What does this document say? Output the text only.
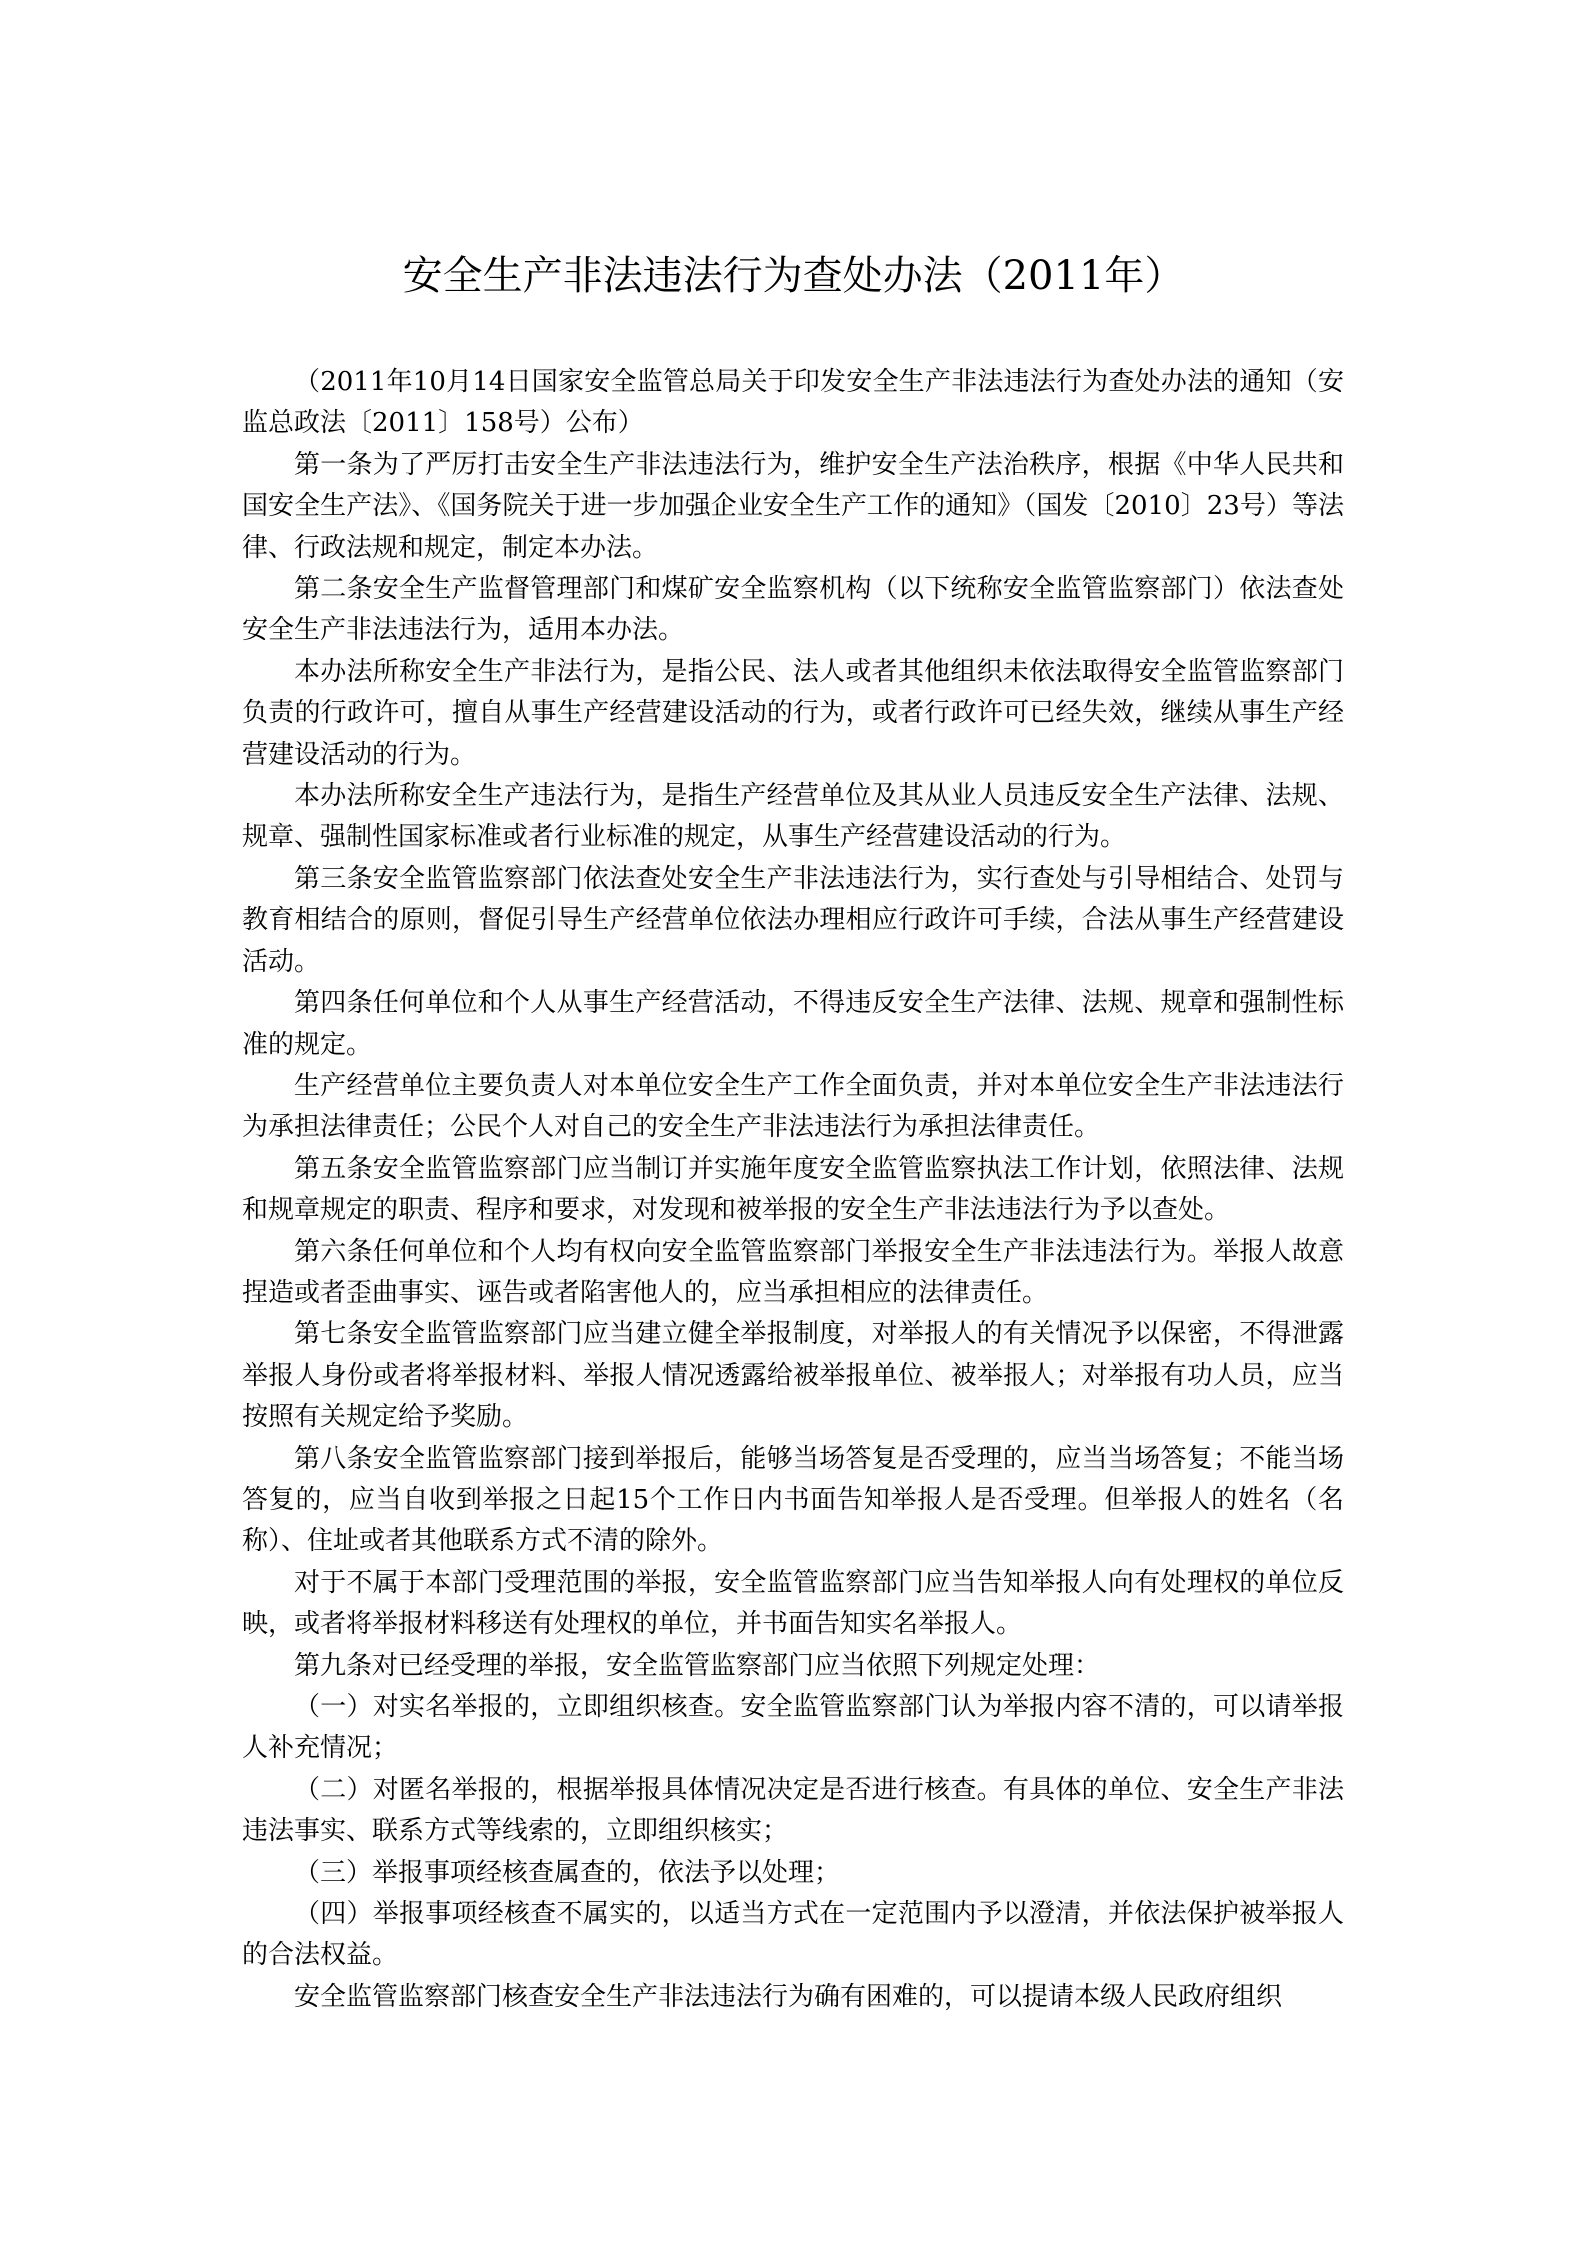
安全生产非法违法行为查处办法（2011年）

（2011年10月14日国家安全监管总局关于印发安全生产非法违法行为查处办法的通知（安监总政法〔2011〕158号）公布）

第一条为了严厉打击安全生产非法违法行为，维护安全生产法治秩序，根据《中华人民共和国安全生产法》、《国务院关于进一步加强企业安全生产工作的通知》（国发〔2010〕23号）等法律、行政法规和规定，制定本办法。

第二条安全生产监督管理部门和煤矿安全监察机构（以下统称安全监管监察部门）依法查处安全生产非法违法行为，适用本办法。

本办法所称安全生产非法行为，是指公民、法人或者其他组织未依法取得安全监管监察部门负责的行政许可，擅自从事生产经营建设活动的行为，或者行政许可已经失效，继续从事生产经营建设活动的行为。

本办法所称安全生产违法行为，是指生产经营单位及其从业人员违反安全生产法律、法规、规章、强制性国家标准或者行业标准的规定，从事生产经营建设活动的行为。

第三条安全监管监察部门依法查处安全生产非法违法行为，实行查处与引导相结合、处罚与教育相结合的原则，督促引导生产经营单位依法办理相应行政许可手续，合法从事生产经营建设活动。

第四条任何单位和个人从事生产经营活动，不得违反安全生产法律、法规、规章和强制性标准的规定。

生产经营单位主要负责人对本单位安全生产工作全面负责，并对本单位安全生产非法违法行为承担法律责任；公民个人对自己的安全生产非法违法行为承担法律责任。

第五条安全监管监察部门应当制订并实施年度安全监管监察执法工作计划，依照法律、法规和规章规定的职责、程序和要求，对发现和被举报的安全生产非法违法行为予以查处。

第六条任何单位和个人均有权向安全监管监察部门举报安全生产非法违法行为。举报人故意捏造或者歪曲事实、诬告或者陷害他人的，应当承担相应的法律责任。

第七条安全监管监察部门应当建立健全举报制度，对举报人的有关情况予以保密，不得泄露举报人身份或者将举报材料、举报人情况透露给被举报单位、被举报人；对举报有功人员，应当按照有关规定给予奖励。

第八条安全监管监察部门接到举报后，能够当场答复是否受理的，应当当场答复；不能当场答复的，应当自收到举报之日起15个工作日内书面告知举报人是否受理。但举报人的姓名（名称）、住址或者其他联系方式不清的除外。

对于不属于本部门受理范围的举报，安全监管监察部门应当告知举报人向有处理权的单位反映，或者将举报材料移送有处理权的单位，并书面告知实名举报人。

第九条对已经受理的举报，安全监管监察部门应当依照下列规定处理：

（一）对实名举报的，立即组织核查。安全监管监察部门认为举报内容不清的，可以请举报人补充情况；

（二）对匿名举报的，根据举报具体情况决定是否进行核查。有具体的单位、安全生产非法违法事实、联系方式等线索的，立即组织核实；

（三）举报事项经核查属查的，依法予以处理；

（四）举报事项经核查不属实的，以适当方式在一定范围内予以澄清，并依法保护被举报人的合法权益。

安全监管监察部门核查安全生产非法违法行为确有困难的，可以提请本级人民政府组织
